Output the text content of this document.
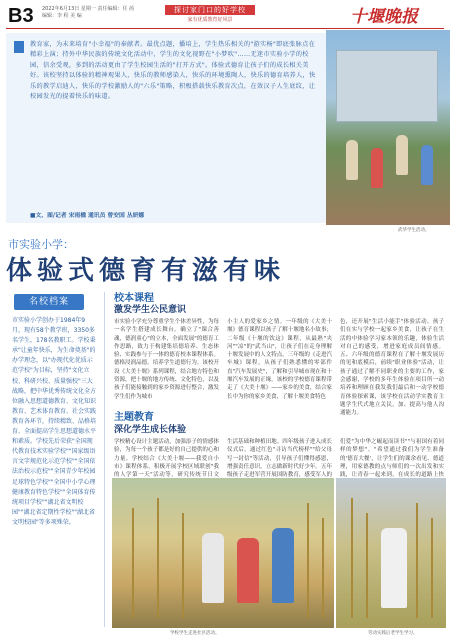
B3 2022年6月13日 星期一 责任编辑：任 茜 编辑：李 程 美 编
探讨家门口的好学校
家有优质教育好风景	十堰晚报
教育家，为未来培育"小幸福"的奉献者。最优点题，播培上，学生热乐相关的"游实杨"即底张脉点在精彩上演；持外中华民族的传统文化活动中，学生的文化视野在"小梦吹"……无迷市实验小学的校园，信余受观，多到的活动更由了学生校园生活的"打开方式"。体验式德育让孩子们的成长相关美好。该校坚持以体验的精神观果人，快乐的教师感染人，快乐的环境熏陶人，快乐的德育培养人，快乐的教学启迪人，快乐的学校激励人的"六乐"策略，积极搭载快乐教育次点，在效汉子人生底纹，让校园发光的提着快乐的味道。
■文、图/记者 宋雨楹 通讯员 曾安国 丛妍娜
武华学生活动。
市实验小学：
体验式德育有滋有味
名校档案
市实验小学创办于1984年9月，现有58个教学班，3350多名学生，178名教职工。学校秉承"让童年快乐，为生命奠基"的办学理念，以"办现代化优质示范学校"为目标，坚持"文化立校、科研兴校、质量强校"三大战略，把中华优秀传统文化全方位融入思想道德教育、文化知识教育、艺术体育教育、社会实践教育各环节，持续精致、品格培育、全面提高学生思想道德水平和素质。学校先后荣获"全国现代教育技术实验学校""国家级语言文字规范化示范学校""全国依法治校示范校""全国青少年校园足球特色学校""全国中小学心理健康教育特色学校""全国体育传统项目学校""湖北省文明校园""湖北省定期性学校""湖北省文明校园"等多项殊荣。
校本课程
激发学生公民意识
市实验小学充分尊重学生个体差异性，为每一名学生搭建成长舞台。确立了"课合善魂，德润童心"的立本，全面发展"的德育工作思路，致力于构建集培德培养、生态体验、实践参与于一体的德育校本课程体系。德格浸润品德，培养学生道德行为。该校开设《大美十堰》系列课程，结合地方特色和资源，把十堰的地方传统、文化特色，以及孩子们能接触到的家乡资源进行整合，激发学生们作为城市
小主人的爱家乡之情。一年级的《大美十堰》德育课程以孩子了解十堰地名小故事；二年级《十堰的饮这》课程，从最熟"夹河""凉"的"武当山"，让孩子们在走身理解十堰发展中的人文特点。三年级的《走进汽车城》课程，从孩子们熟悉懂的零部件直"汽车发展史"，了解和引导城市现在和十堰汽车发展的正缘。该校的学校德育课程带走了《大美十堰》——家乡的美食，结合家长中为你的家乡美食，了解十堰美食特色
色，还开展"生活小能手"体验活动。孩子们在实与学校一起家乡美食，让孩子在生活的中体验学习家本领的乐趣，体验生活对自己的感受，增进家庭成员间情感。五、六年级的德育课程在了解十堰发展历的见和底模后，前续"职业体验"活动，让孩子通过了解不同职业的主要的工作，家会感谢，学校的多年生体验在项目所一动培养和理顾在我发我们最后和一动学校德育体验探索课，该学校在活动学实教育主题学生代式地立关民，加、提高与他人沟通能力。
主题教育
深化学生成长体验
学校精心设计主题活动，加强添子的情感体验，为每一个孩子都是好的自己提供的心和力量。学校结合《大美十堰——我爱自小市》课程体系，积极开展学校区域联创"我的人学第一天"活动等，研究传统节日文
生活基础和种植田地。四年级孩子进入成长仪式后，通过红色"寻访当代榜样""给父母写一封信"等活动，引导孩子们懂得感恩，增强责任意识，立志做新时代好少年。五年级孩子走进军营开展国防教育，感受军人的
们爱"为中华之崛起而读书""与祖国有着同样的梦想"。"希望通过我们为学生准备的'德育大餐'，让学生们的课余看见、德道理，用家德教的点与师们的一次出发和实践，让青春一起来到，在成长的道路上快
学校学生走进社区活动。	劳动实践后老学生学习。
